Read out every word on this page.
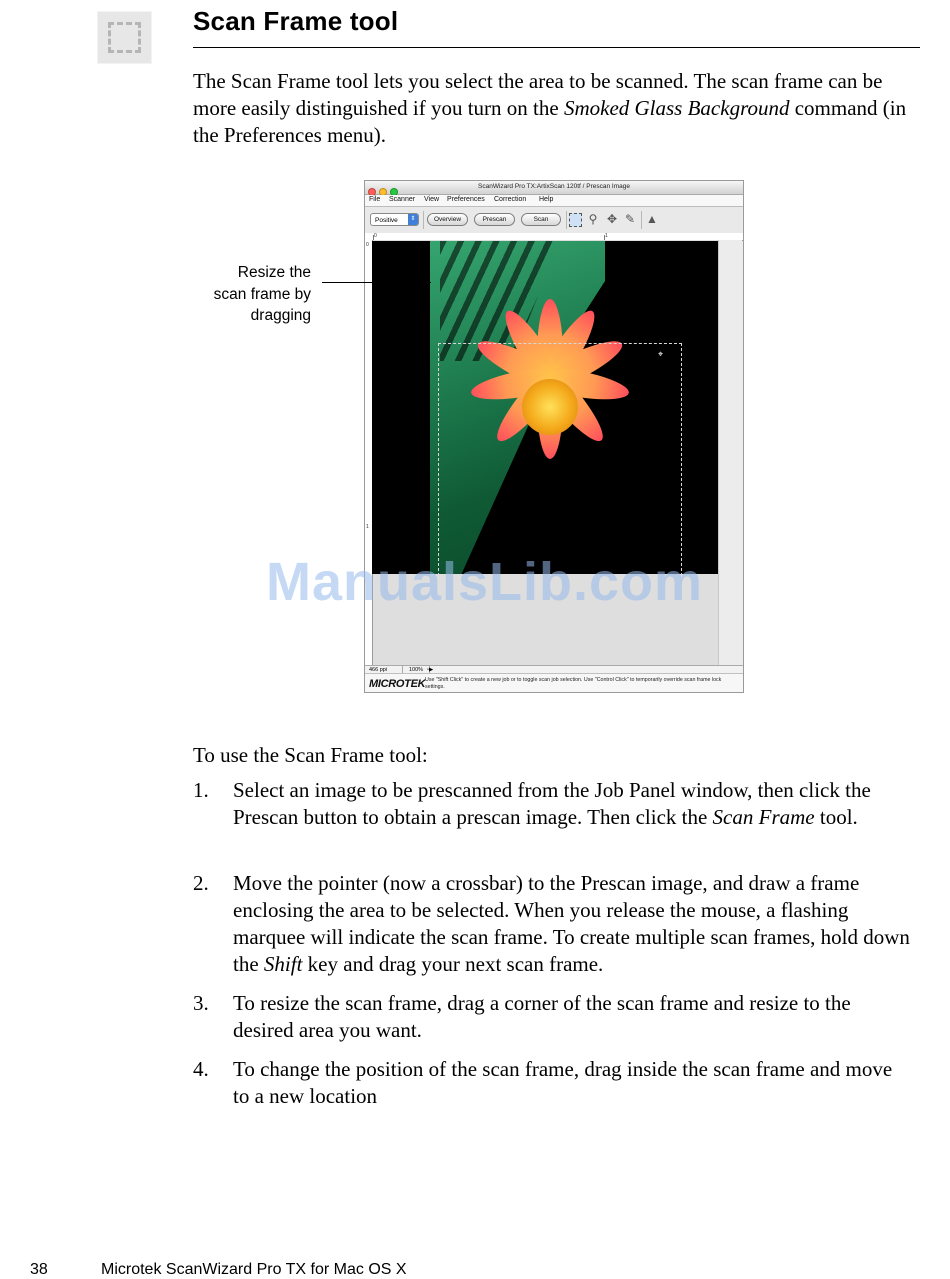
Scan Frame tool

The Scan Frame tool lets you select the area to be scanned. The scan frame can be more easily distinguished if you turn on the Smoked Glass Background command (in the Preferences menu).

ScanWizard Pro TX:ArtixScan 120tf / Prescan Image
File Scanner View Preferences Correction Help
Positive	⇕	Overview	Prescan	Scan	⚲ ✥ ✎ ▲
0	1
0
1
⌖
466 ppi	100% ▫▶
MICROTEK Use "Shift Click" to create a new job or to toggle scan job selection. Use "Control Click" to temporarily override scan frame lock settings.

Resize the
scan frame by
dragging

ManualsLib.com

To use the Scan Frame tool:

1.	Select an image to be prescanned from the Job Panel window, then click the Prescan button to obtain a prescan image. Then click the Scan Frame tool.
2.	Move the pointer (now a crossbar) to the Prescan image, and draw a frame enclosing the area to be selected. When you release the mouse, a flashing marquee will indicate the scan frame. To create multiple scan frames, hold down the Shift key and drag your next scan frame.
3.	To resize the scan frame, drag a corner of the scan frame and resize to the desired area you want.
4.	To change the position of the scan frame, drag inside the scan frame and move to a new location
38	Microtek ScanWizard Pro TX for Mac OS X
